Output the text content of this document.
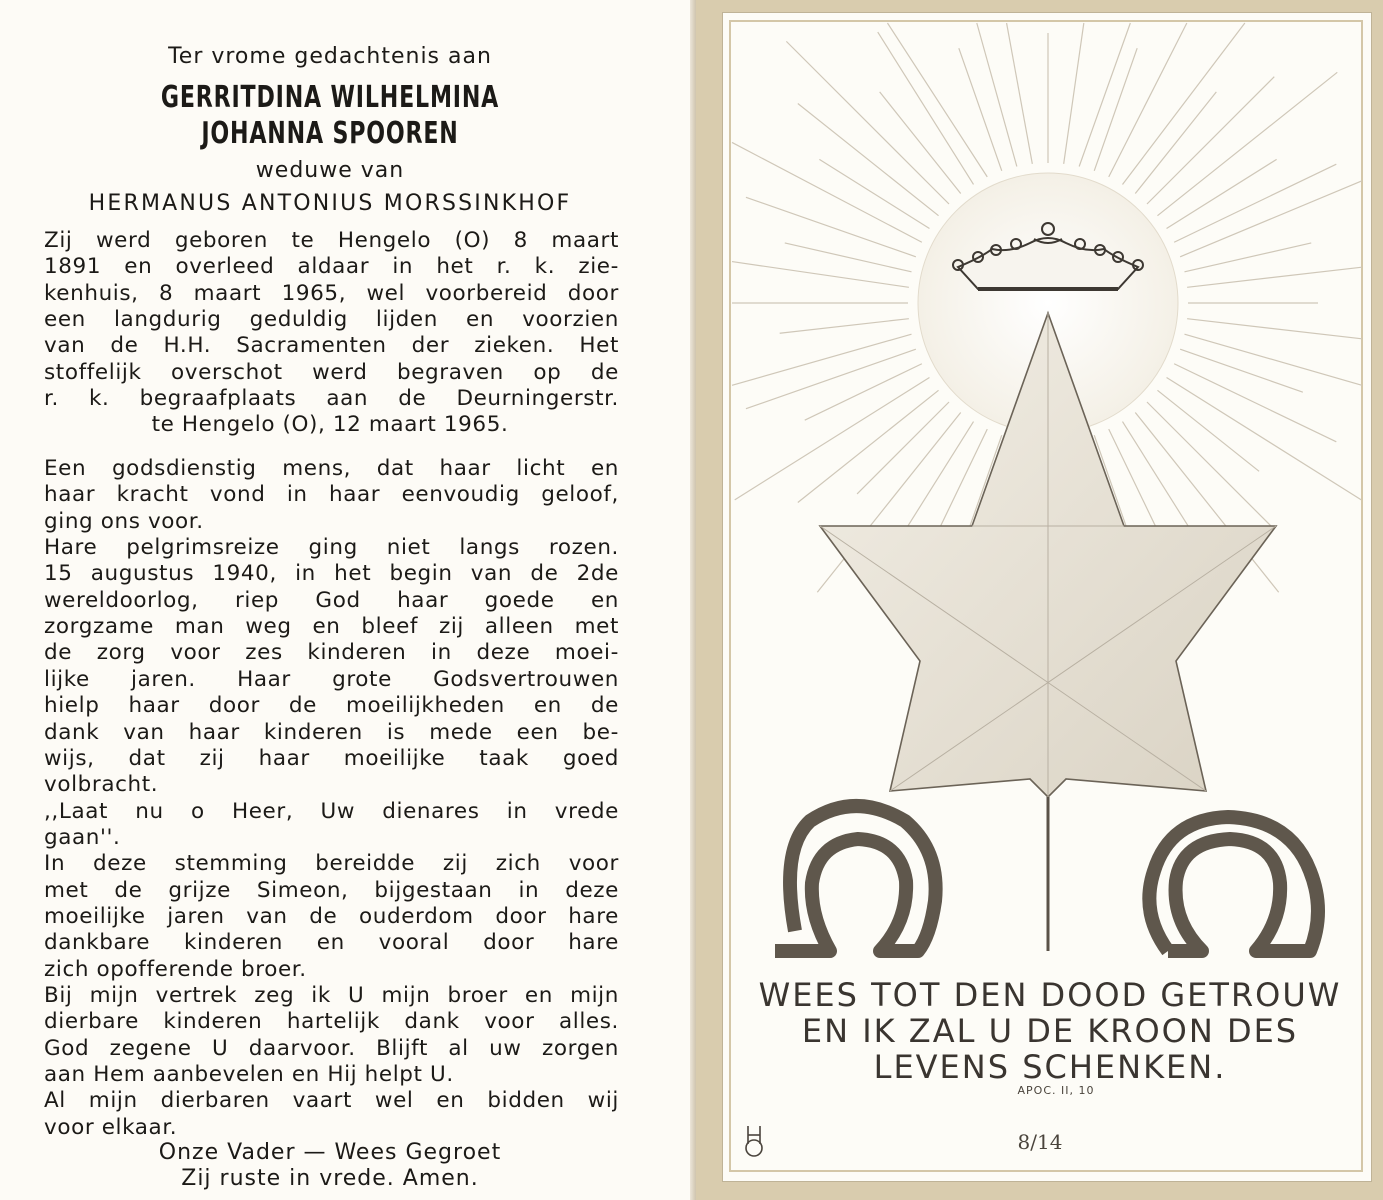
Ter vrome gedachtenis aan
GERRITDINA WILHELMINA
JOHANNA SPOOREN
weduwe van
HERMANUS ANTONIUS MORSSINKHOF
Zij werd geboren te Hengelo (O) 8 maart
1891 en overleed aldaar in het r. k. zie-
kenhuis, 8 maart 1965, wel voorbereid door
een langdurig geduldig lijden en voorzien
van de H.H. Sacramenten der zieken. Het
stoffelijk overschot werd begraven op de
r. k. begraafplaats aan de Deurningerstr.
te Hengelo (O), 12 maart 1965.
Een godsdienstig mens, dat haar licht en
haar kracht vond in haar eenvoudig geloof,
ging ons voor.
Hare pelgrimsreize ging niet langs rozen.
15 augustus 1940, in het begin van de 2de
wereldoorlog, riep God haar goede en
zorgzame man weg en bleef zij alleen met
de zorg voor zes kinderen in deze moei-
lijke jaren. Haar grote Godsvertrouwen
hielp haar door de moeilijkheden en de
dank van haar kinderen is mede een be-
wijs, dat zij haar moeilijke taak goed
volbracht.
,,Laat nu o Heer, Uw dienares in vrede
gaan''.
In deze stemming bereidde zij zich voor
met de grijze Simeon, bijgestaan in deze
moeilijke jaren van de ouderdom door hare
dankbare kinderen en vooral door hare
zich opofferende broer.
Bij mijn vertrek zeg ik U mijn broer en mijn
dierbare kinderen hartelijk dank voor alles.
God zegene U daarvoor. Blijft al uw zorgen
aan Hem aanbevelen en Hij helpt U.
Al mijn dierbaren vaart wel en bidden wij
voor elkaar.
Onze Vader — Wees Gegroet
Zij ruste in vrede. Amen.
WEES TOT DEN DOOD GETROUW
EN IK ZAL U DE KROON DES
LEVENS SCHENKEN.
APOC. II, 10
8/14
